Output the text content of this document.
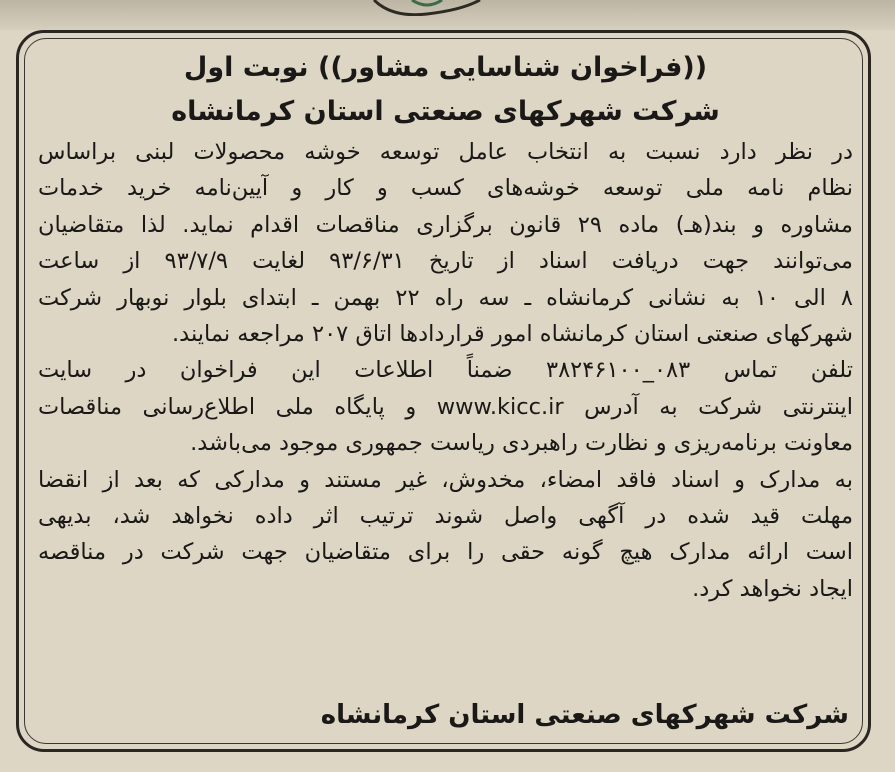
((فراخوان شناسایی مشاور)) نوبت اول
شرکت شهرکهای صنعتی استان کرمانشاه
در نظر دارد نسبت به انتخاب عامل توسعه خوشه محصولات لبنی براساس
نظام نامه ملی توسعه خوشه‌های کسب و کار و آیین‌نامه خرید خدمات
مشاوره و بند(هـ) ماده ۲۹ قانون برگزاری مناقصات اقدام نماید. لذا متقاضیان
می‌توانند جهت دریافت اسناد از تاریخ ۹۳/۶/۳۱ لغایت ۹۳/۷/۹ از ساعت
۸ الی ۱۰ به نشانی کرمانشاه ـ سه راه ۲۲ بهمن ـ ابتدای بلوار نوبهار شرکت
شهرکهای صنعتی استان کرمانشاه امور قراردادها اتاق ۲۰۷ مراجعه نمایند.
تلفن تماس ۰۸۳_۳۸۲۴۶۱۰۰ ضمناً اطلاعات این فراخوان در سایت
اینترنتی شرکت به آدرس www.kicc.ir و پایگاه ملی اطلاع‌رسانی مناقصات
معاونت برنامه‌ریزی و نظارت راهبردی ریاست جمهوری موجود می‌باشد.
به مدارک و اسناد فاقد امضاء، مخدوش، غیر مستند و مدارکی که بعد از انقضا
مهلت قید شده در آگهی واصل شوند ترتیب اثر داده نخواهد شد، بدیهی
است ارائه مدارک هیچ گونه حقی را برای متقاضیان جهت شرکت در مناقصه
ایجاد نخواهد کرد.
شرکت شهرکهای صنعتی استان کرمانشاه
